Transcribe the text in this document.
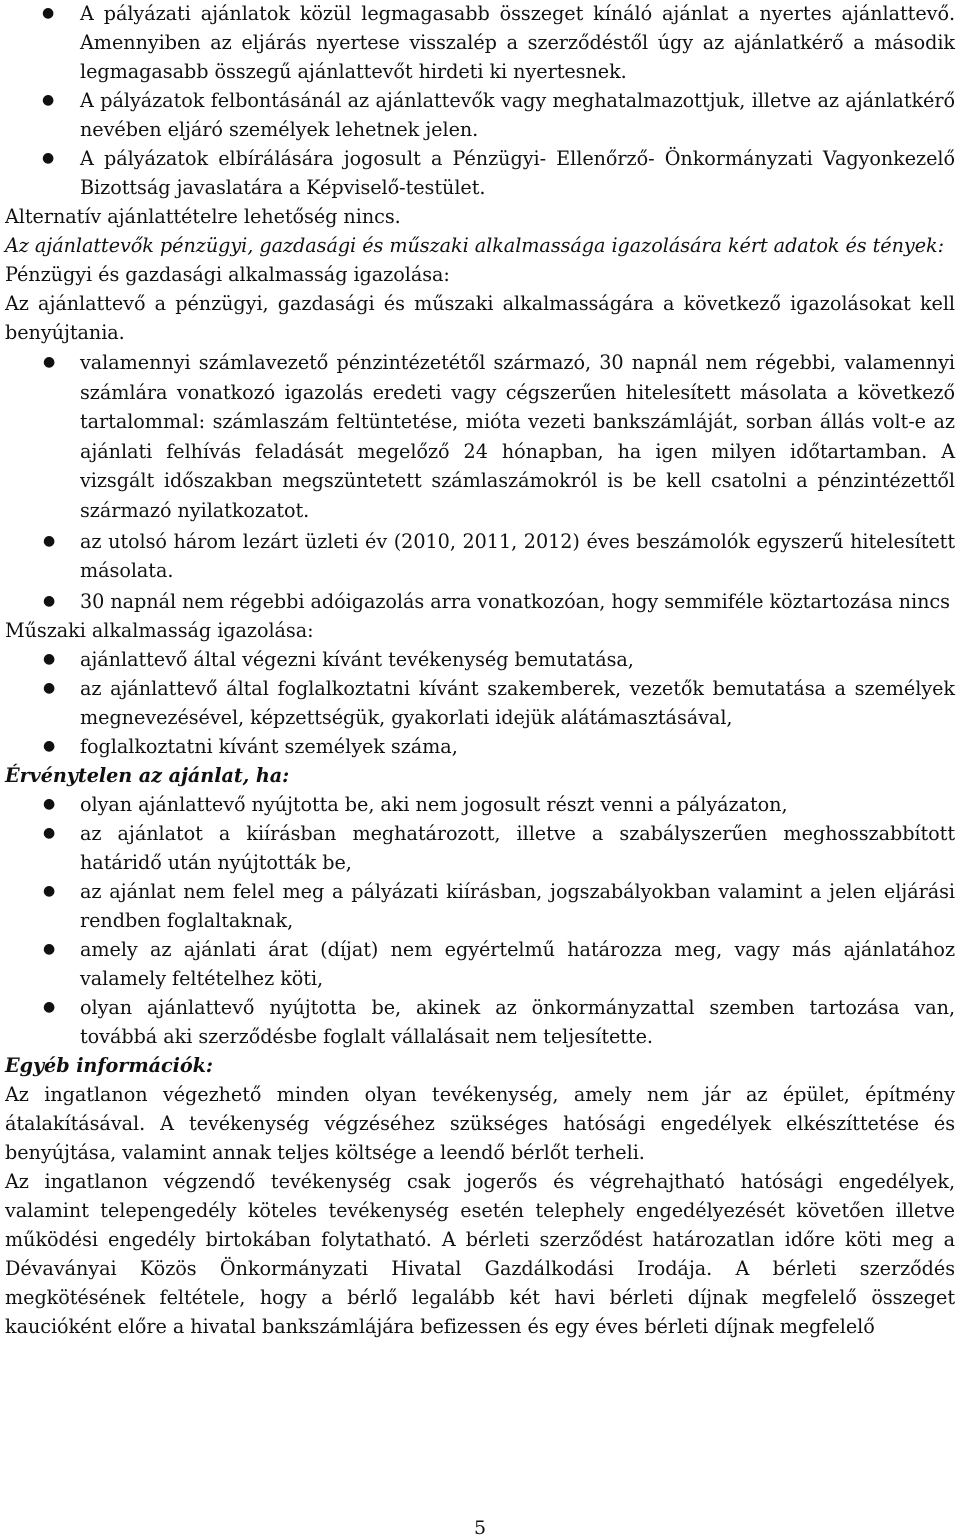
● A pályázati ajánlatok közül legmagasabb összeget kínáló ajánlat a nyertes ajánlattevő. Amennyiben az eljárás nyertese visszalép a szerződéstől úgy az ajánlatkérő a második legmagasabb összegű ajánlattevőt hirdeti ki nyertesnek.
● A pályázatok felbontásánál az ajánlattevők vagy meghatalmazottjuk, illetve az ajánlatkérő nevében eljáró személyek lehetnek jelen.
● A pályázatok elbírálására jogosult a Pénzügyi- Ellenőrző- Önkormányzati Vagyonkezelő Bizottság javaslatára a Képviselő-testület.

Alternatív ajánlattételre lehetőség nincs.

Az ajánlattevők pénzügyi, gazdasági és műszaki alkalmassága igazolására kért adatok és tények:

Pénzügyi és gazdasági alkalmasság igazolása:

Az ajánlattevő a pénzügyi, gazdasági és műszaki alkalmasságára a következő igazolásokat kell benyújtania.

● valamennyi számlavezető pénzintézetétől származó, 30 napnál nem régebbi, valamennyi számlára vonatkozó igazolás eredeti vagy cégszerűen hitelesített másolata a következő tartalommal: számlaszám feltüntetése, mióta vezeti bankszámláját, sorban állás volt-e az ajánlati felhívás feladását megelőző 24 hónapban, ha igen milyen időtartamban. A vizsgált időszakban megszüntetett számlaszámokról is be kell csatolni a pénzintézettől származó nyilatkozatot.
● az utolsó három lezárt üzleti év (2010, 2011, 2012) éves beszámolók egyszerű hitelesített másolata.
● 30 napnál nem régebbi adóigazolás arra vonatkozóan, hogy semmiféle köztartozása nincs

Műszaki alkalmasság igazolása:

● ajánlattevő által végezni kívánt tevékenység bemutatása,
● az ajánlattevő által foglalkoztatni kívánt szakemberek, vezetők bemutatása a személyek megnevezésével, képzettségük, gyakorlati idejük alátámasztásával,
● foglalkoztatni kívánt személyek száma,

Érvénytelen az ajánlat, ha:

● olyan ajánlattevő nyújtotta be, aki nem jogosult részt venni a pályázaton,
● az ajánlatot a kiírásban meghatározott, illetve a szabályszerűen meghosszabbított határidő után nyújtották be,
● az ajánlat nem felel meg a pályázati kiírásban, jogszabályokban valamint a jelen eljárási rendben foglaltaknak,
● amely az ajánlati árat (díjat) nem egyértelmű határozza meg, vagy más ajánlatához valamely feltételhez köti,
● olyan ajánlattevő nyújtotta be, akinek az önkormányzattal szemben tartozása van, továbbá aki szerződésbe foglalt vállalásait nem teljesítette.

Egyéb információk:

Az ingatlanon végezhető minden olyan tevékenység, amely nem jár az épület, építmény átalakításával. A tevékenység végzéséhez szükséges hatósági engedélyek elkészíttetése és benyújtása, valamint annak teljes költsége a leendő bérlőt terheli.

Az ingatlanon végzendő tevékenység csak jogerős és végrehajtható hatósági engedélyek, valamint telepengedély köteles tevékenység esetén telephely engedélyezését követően illetve működési engedély birtokában folytatható. A bérleti szerződést határozatlan időre köti meg a Dévaványai Közös Önkormányzati Hivatal Gazdálkodási Irodája. A bérleti szerződés megkötésének feltétele, hogy a bérlő legalább két havi bérleti díjnak megfelelő összeget kaucióként előre a hivatal bankszámlájára befizessen és egy éves bérleti díjnak megfelelő

5
